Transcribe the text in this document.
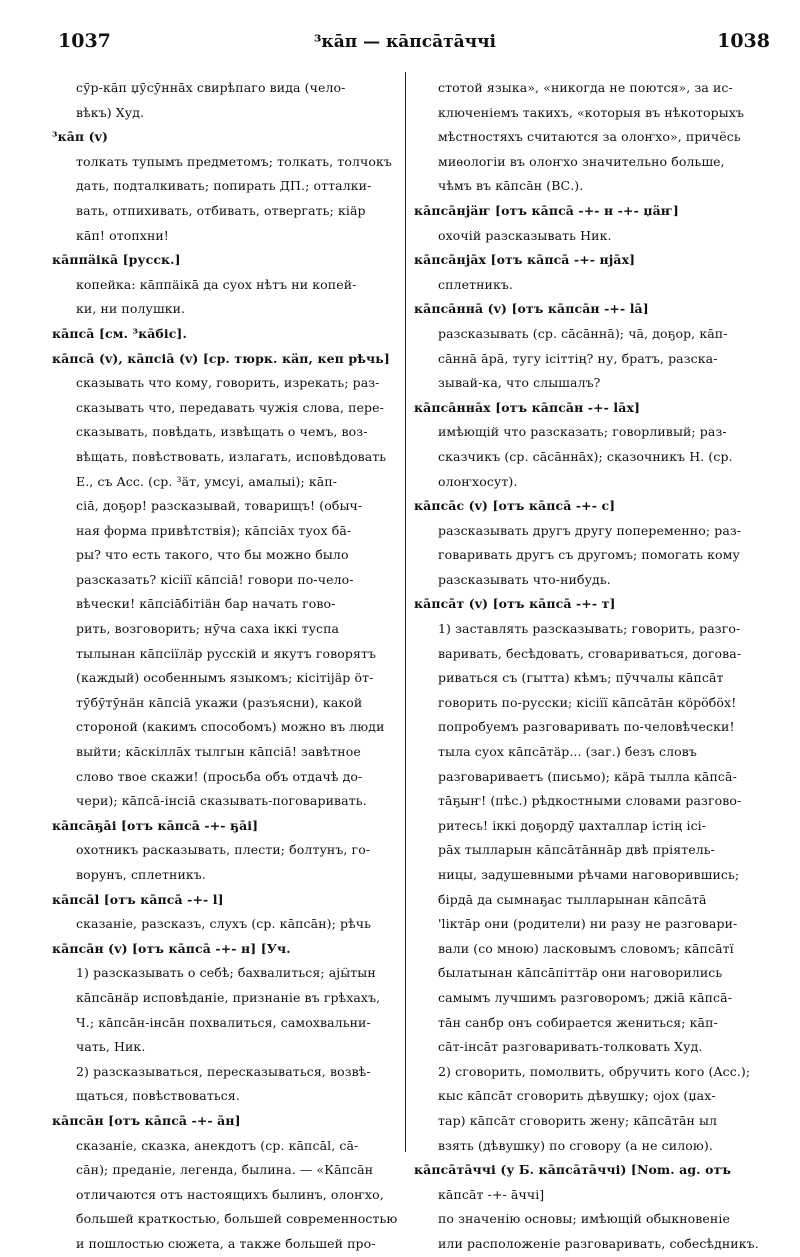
1037	³кāп — кāпсāтāччі	1038
сӯр-кāп џӯсӯннāх свирѣпаго вида (чело-
вѣкъ) Худ.
³кāп (v)
толкать тупымъ предметомъ; толкать, толчокъ
дать, подталкивать; попирать ДП.; отталки-
вать, отпихивать, отбивать, отвергать; кіäр
кāп! отопхни!
кāппäікā [русск.]
копейка: кāппäікā да суох нѣтъ ни копей-
ки, ни полушки.
кāпсā [см. ³кāбіс].
кāпсā (v), кāпсіā (v) [ср. тюрк. кäп, кеп рѣчь]
сказывать что кому, говорить, изрекать; раз-
сказывать что, передавать чужія слова, пере-
сказывать, повѣдать, извѣщать о чемъ, воз-
вѣщать, повѣствовать, излагать, исповѣдовать
Е., съ Acc. (ср. ³äт, умсуі, амалыі); кāп-
сіā, доҕор! разсказывай, товарищъ! (обыч-
ная форма привѣтствія); кāпсіāх туох бā-
ры? что есть такого, что бы можно было
разсказать? кісіїї кāпсіā! говори по-чело-
вѣчески! кāпсіāбітіäн бар начать гово-
рить, возговорить; нӯча саха іккі туспа
тылынан кāпсіїлäр русскій и якутъ говорятъ
(каждый) особеннымъ языкомъ; кісітіjäр öт-
тӯбӯтӯнäн кāпсіā укажи (разъясни), какой
стороной (какимъ способомъ) можно въ люди
выйти; кāскіллāх тылгын кāпсіā! завѣтное
слово твое скажи! (просьба объ отдачѣ до-
чери); кāпсā-інсіā сказывать-поговаривать.
кāпсāҕāі [отъ кāпсā -+- ҕāі]
охотникъ расказывать, плести; болтунъ, го-
ворунъ, сплетникъ.
кāпсāl [отъ кāпсā -+- l]
сказаніе, разсказъ, слухъ (ср. кāпсāн); рѣчь
кāпсāн (v) [отъ кāпсā -+- н] [Уч.
1) разсказывать о себѣ; бахвалиться; аjӹтын
кāпсāнäр исповѣданіе, признаніе въ грѣхахъ,
Ч.; кāпсāн-інсāн похвалиться, самохвальни-
чать, Ник.
2) разсказываться, пересказываться, возвѣ-
щаться, повѣствоваться.
кāпсāн [отъ кāпсā -+- āн]
сказаніе, сказка, анекдотъ (ср. кāпсāl, сā-
сāн); преданіе, легенда, былина. — «Кāпсāн
отличаются отъ настоящихъ былинъ, олоҥхо,
большей краткостью, большей современностью
и пошлостью сюжета, а также большей про-
стотой языка», «никогда не поются», за ис-
ключеніемъ такихъ, «которыя въ нѣкоторыхъ
мѣстностяхъ считаются за олоҥхо», причёсь
миѳологіи въ олоҥхо значительно больше,
чѣмъ въ кāпсāн (ВС.).
кāпсāнjäҥ [отъ кāпсā -+- н -+- џäҥ]
охочій разсказывать Ник.
кāпсāнjāх [отъ кāпсā -+- нjāх]
сплетникъ.
кāпсāннā (v) [отъ кāпсāн -+- lā]
разсказывать (ср. сāсāннā); чā, доҕор, кāп-
сāннā āрā, тугу ісіттің? ну, братъ, разска-
зывай-ка, что слышалъ?
кāпсāннāх [отъ кāпсāн -+- lāх]
имѣющій что разсказать; говорливый; раз-
сказчикъ (ср. сāсāннāх); сказочникъ Н. (ср.
олоҥхосут).
кāпсāс (v) [отъ кāпсā -+- с]
разсказывать другъ другу попеременно; раз-
говаривать другъ съ другомъ; помогать кому
разсказывать что-нибудь.
кāпсāт (v) [отъ кāпсā -+- т]
1) заставлять разсказывать; говорить, разго-
варивать, бесѣдовать, сговариваться, догова-
риваться съ (гытта) кѣмъ; пӯччалы кāпсāт
говорить по-русски; кісіїї кāпсāтāн кöрӧбӧх!
попробуемъ разговаривать по-человѣчески!
тыла суох кāпсāтäр... (заг.) безъ словъ
разговариваетъ (письмо); кäрā тылла кāпсā-
тāҕыҥ! (пѣс.) рѣдкостными словами разгово-
ритесь! іккі доҕордӯ џахталлар істің ісі-
рāх тылларын кāпсāтāннāр двѣ пріятель-
ницы, задушевными рѣчами наговорившись;
бірдā да сымнаҕас тылларынан кāпсāтā
'lіктāр они (родители) ни разу не разговари-
вали (со мною) ласковымъ словомъ; кāпсāтї
былатынан кāпсāпіттäр они наговорились
самымъ лучшимъ разговоромъ; джіā кāпсā-
тāн санбр онъ собирается жениться; кāп-
сāт-інсāт разговаривать-толковать Худ.
2) сговорить, помолвить, обручить кого (Acc.);
кыс кāпсāт сговорить дѣвушку; оjох (џах-
тар) кāпсāт сговорить жену; кāпсāтāн ыл
взять (дѣвушку) по сговору (а не силою).
кāпсāтāччі (у Б. кāпсāтāччі) [Nom. ag. отъ
кāпсāт -+- āччі]
по значенію основы; имѣющій обыкновеніе
или расположеніе разговаривать, собесѣдникъ.
